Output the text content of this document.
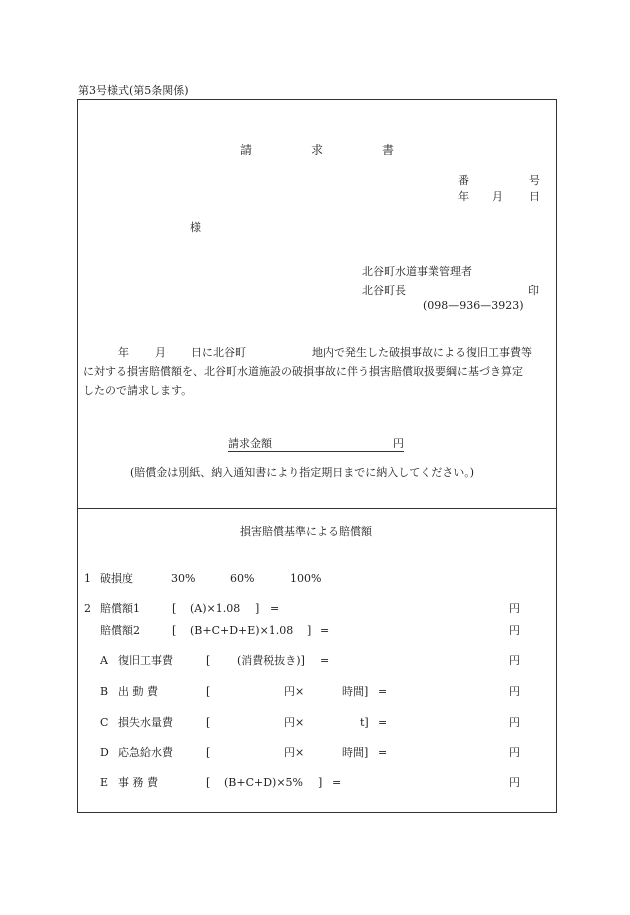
第3号様式(第5条関係)
請	求	書
番	号
年 月 日
様
北谷町水道事業管理者
北谷町長	印
(098—936—3923)
年 月 日に北谷町	地内で発生した破損事故による復旧工事費等
に対する損害賠償額を、北谷町水道施設の破損事故に伴う損害賠償取扱要綱に基づき算定
したので請求します。
請求金額	円
(賠償金は別紙、納入通知書により指定期日までに納入してください。)
損害賠償基準による賠償額
1 破損度	30%	60%	100%
2 賠償額1	[ (A)×1.08 ] =	円
賠償額2	[ (B+C+D+E)×1.08 ] =	円
A 復旧工事費	[ (消費税抜き)] =	円
B 出 動 費	[	円×	時間] =	円
C 損失水量費	[	円×	t] =	円
D 応急給水費	[	円×	時間] =	円
E 事 務 費	[ (B+C+D)×5% ] =	円
